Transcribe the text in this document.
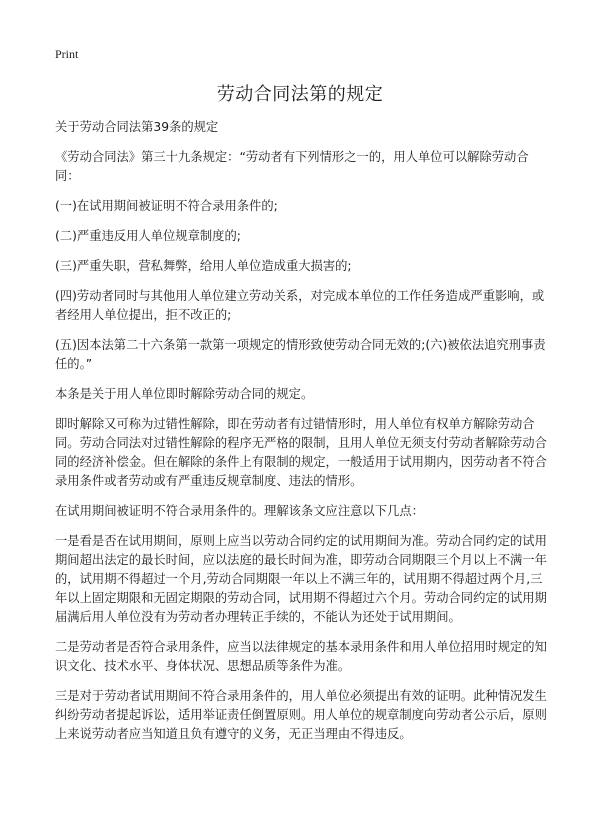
Print
劳动合同法第的规定

关于劳动合同法第39条的规定

《劳动合同法》第三十九条规定：“劳动者有下列情形之一的，用人单位可以解除劳动合同：

(一)在试用期间被证明不符合录用条件的;

(二)严重违反用人单位规章制度的;

(三)严重失职，营私舞弊，给用人单位造成重大损害的;

(四)劳动者同时与其他用人单位建立劳动关系，对完成本单位的工作任务造成严重影响，或者经用人单位提出，拒不改正的;

(五)因本法第二十六条第一款第一项规定的情形致使劳动合同无效的;(六)被依法追究刑事责任的。”

本条是关于用人单位即时解除劳动合同的规定。

即时解除又可称为过错性解除，即在劳动者有过错情形时，用人单位有权单方解除劳动合同。劳动合同法对过错性解除的程序无严格的限制，且用人单位无须支付劳动者解除劳动合同的经济补偿金。但在解除的条件上有限制的规定，一般适用于试用期内，因劳动者不符合录用条件或者劳动或有严重违反规章制度、违法的情形。

在试用期间被证明不符合录用条件的。理解该条文应注意以下几点：

一是看是否在试用期间，原则上应当以劳动合同约定的试用期间为准。劳动合同约定的试用期间超出法定的最长时间，应以法庭的最长时间为准，即劳动合同期限三个月以上不满一年的，试用期不得超过一个月,劳动合同期限一年以上不满三年的，试用期不得超过两个月,三年以上固定期限和无固定期限的劳动合同，试用期不得超过六个月。劳动合同约定的试用期届满后用人单位没有为劳动者办理转正手续的，不能认为还处于试用期间。

二是劳动者是否符合录用条件，应当以法律规定的基本录用条件和用人单位招用时规定的知识文化、技术水平、身体状况、思想品质等条件为准。

三是对于劳动者试用期间不符合录用条件的，用人单位必须提出有效的证明。此种情况发生纠纷劳动者提起诉讼，适用举证责任倒置原则。用人单位的规章制度向劳动者公示后，原则上来说劳动者应当知道且负有遵守的义务，无正当理由不得违反。
